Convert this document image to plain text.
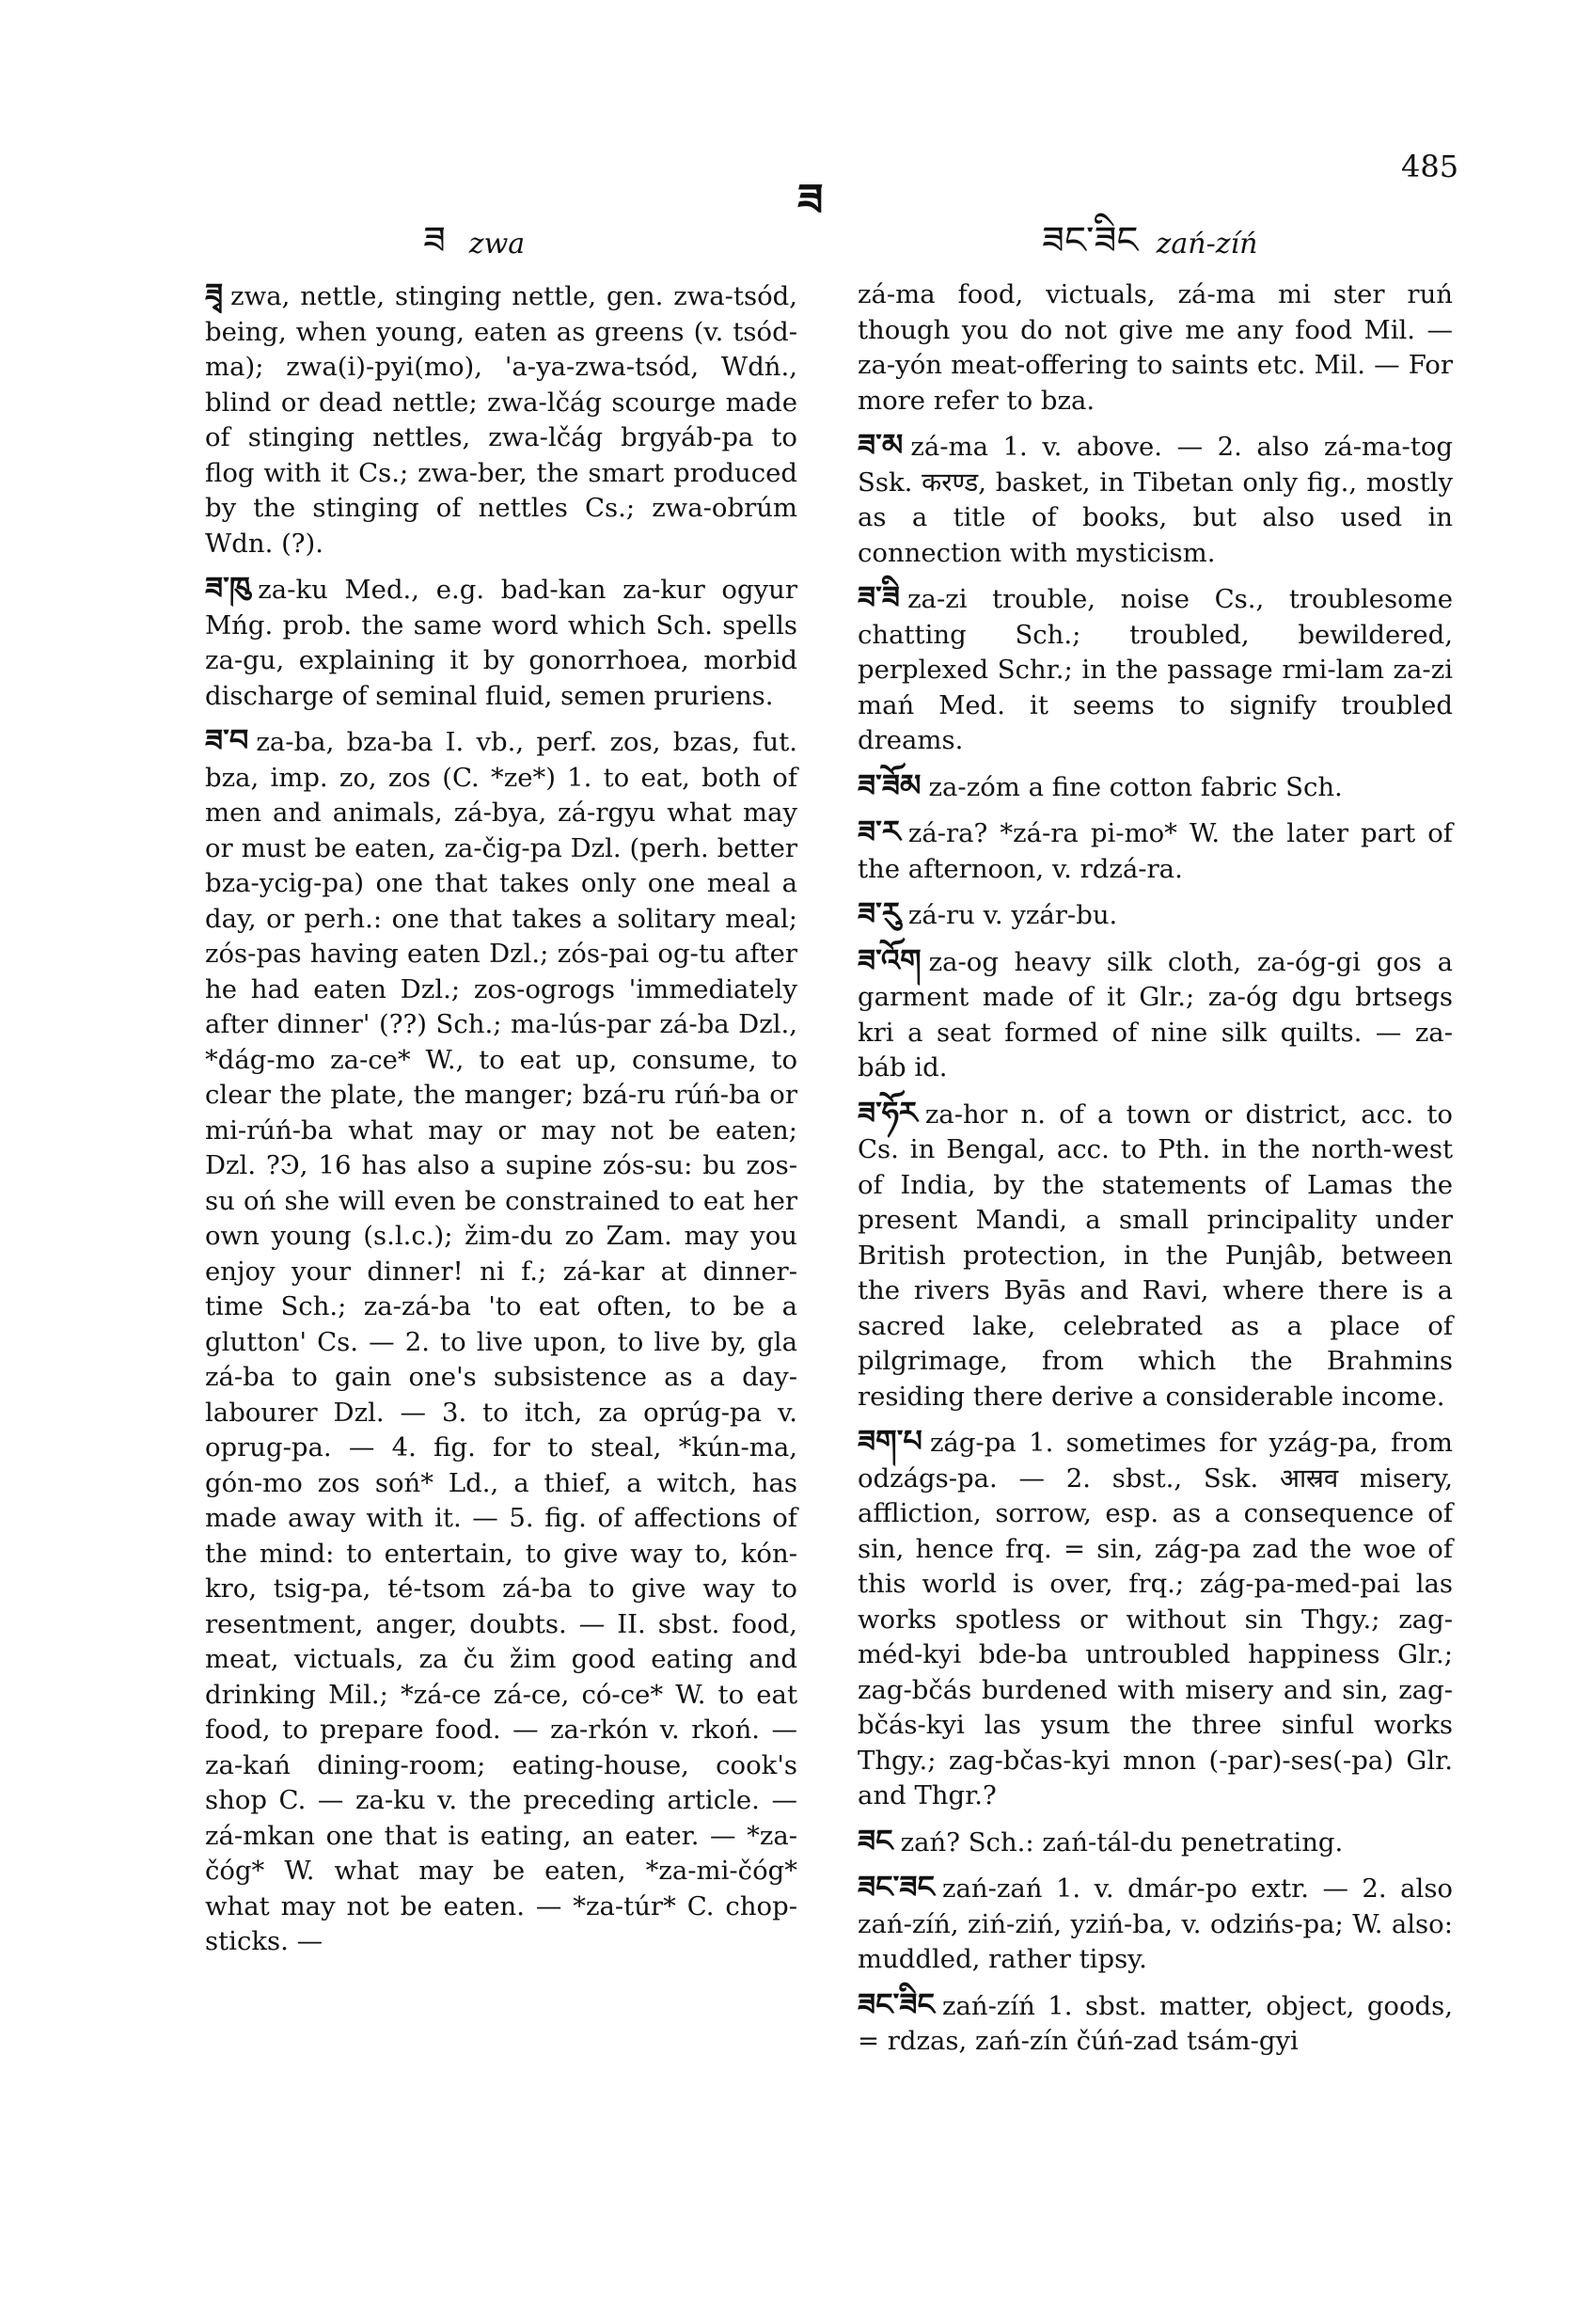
ཟ zwa
ཟ
ཟང་ཟིང zań-zíń
485

ཟྭ zwa, nettle, stinging nettle, gen. zwa-tsód, being, when young, eaten as greens (v. tsód-ma); zwa(i)-pyi(mo), 'a-ya-zwa-tsód, Wdń., blind or dead nettle; zwa-lčág scourge made of stinging nettles, zwa-lčág brgyáb-pa to flog with it Cs.; zwa-ber, the smart produced by the stinging of nettles Cs.; zwa-obrúm Wdn. (?).

ཟ་ཁུ za-ku Med., e.g. bad-kan za-kur ogyur Mńg. prob. the same word which Sch. spells za-gu, explaining it by gonorrhoea, morbid discharge of seminal fluid, semen pruriens.

ཟ་བ za-ba, bza-ba I. vb., perf. zos, bzas, fut. bza, imp. zo, zos (C. *ze*) 1. to eat, both of men and animals, zá-bya, zá-rgyu what may or must be eaten, za-čig-pa Dzl. (perh. better bza-ycig-pa) one that takes only one meal a day, or perh.: one that takes a solitary meal; zós-pas having eaten Dzl.; zós-pai og-tu after he had eaten Dzl.; zos-ogrogs 'immediately after dinner' (??) Sch.; ma-lús-par zá-ba Dzl., *dág-mo za-ce* W., to eat up, consume, to clear the plate, the manger; bzá-ru rúń-ba or mi-rúń-ba what may or may not be eaten; Dzl. ?Ͽ, 16 has also a supine zós-su: bu zos-su oń she will even be constrained to eat her own young (s.l.c.); žim-du zo Zam. may you enjoy your dinner! ni f.; zá-kar at dinner-time Sch.; za-zá-ba 'to eat often, to be a glutton' Cs. — 2. to live upon, to live by, gla zá-ba to gain one's subsistence as a day-labourer Dzl. — 3. to itch, za oprúg-pa v. oprug-pa. — 4. fig. for to steal, *kún-ma, gón-mo zos soń* Ld., a thief, a witch, has made away with it. — 5. fig. of affections of the mind: to entertain, to give way to, kón-kro, tsig-pa, té-tsom zá-ba to give way to resentment, anger, doubts. — II. sbst. food, meat, victuals, za ču žim good eating and drinking Mil.; *zá-ce zá-ce, có-ce* W. to eat food, to prepare food. — za-rkón v. rkoń. — za-kań dining-room; eating-house, cook's shop C. — za-ku v. the preceding article. — zá-mkan one that is eating, an eater. — *za-čóg* W. what may be eaten, *za-mi-čóg* what may not be eaten. — *za-túr* C. chop-sticks. —

zá-ma food, victuals, zá-ma mi ster ruń though you do not give me any food Mil. — za-yón meat-offering to saints etc. Mil. — For more refer to bza.

ཟ་མ zá-ma 1. v. above. — 2. also zá-ma-tog Ssk. करण्ड, basket, in Tibetan only fig., mostly as a title of books, but also used in connection with mysticism.

ཟ་ཟི za-zi trouble, noise Cs., troublesome chatting Sch.; troubled, bewildered, perplexed Schr.; in the passage rmi-lam za-zi mań Med. it seems to signify troubled dreams.

ཟ་ཟོམ za-zóm a fine cotton fabric Sch.

ཟ་ར zá-ra? *zá-ra pi-mo* W. the later part of the afternoon, v. rdzá-ra.

ཟ་རུ zá-ru v. yzár-bu.

ཟ་འོག za-og heavy silk cloth, za-óg-gi gos a garment made of it Glr.; za-óg dgu brtsegs kri a seat formed of nine silk quilts. — za-báb id.

ཟ་ཧོར za-hor n. of a town or district, acc. to Cs. in Bengal, acc. to Pth. in the north-west of India, by the statements of Lamas the present Mandi, a small principality under British protection, in the Punjâb, between the rivers Byās and Ravi, where there is a sacred lake, celebrated as a place of pilgrimage, from which the Brahmins residing there derive a considerable income.

ཟག་པ zág-pa 1. sometimes for yzág-pa, from odzágs-pa. — 2. sbst., Ssk. आस्रव misery, affliction, sorrow, esp. as a consequence of sin, hence frq. = sin, zág-pa zad the woe of this world is over, frq.; zág-pa-med-pai las works spotless or without sin Thgy.; zag-méd-kyi bde-ba untroubled happiness Glr.; zag-bčás burdened with misery and sin, zag-bčás-kyi las ysum the three sinful works Thgy.; zag-bčas-kyi mnon (-par)-ses(-pa) Glr. and Thgr.?

ཟང zań? Sch.: zań-tál-du penetrating.

ཟང་ཟང zań-zań 1. v. dmár-po extr. — 2. also zań-zíń, ziń-ziń, yziń-ba, v. odzińs-pa; W. also: muddled, rather tipsy.

ཟང་ཟིང zań-zíń 1. sbst. matter, object, goods, = rdzas, zań-zín čúń-zad tsám-gyi
